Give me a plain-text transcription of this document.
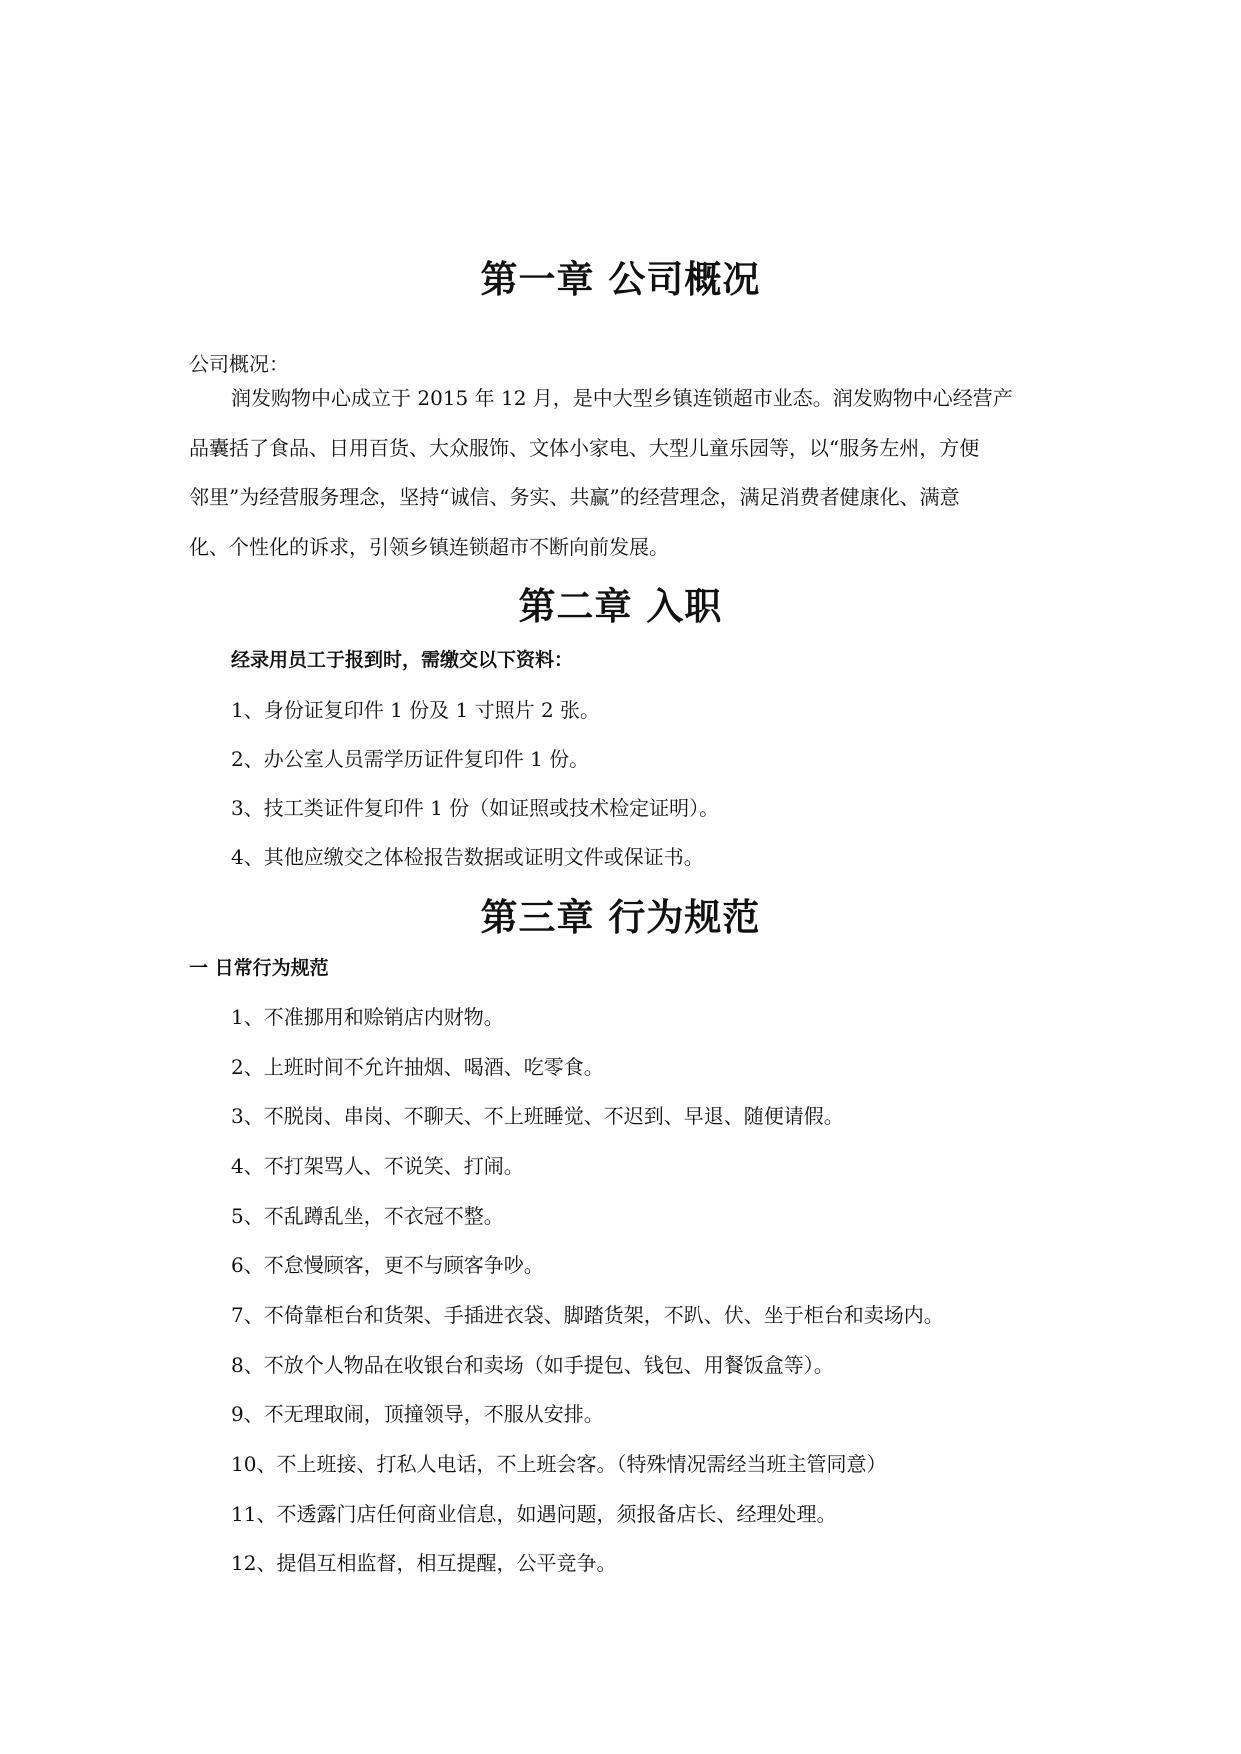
第一章 公司概况
公司概况：
润发购物中心成立于 2015 年 12 月，是中大型乡镇连锁超市业态。润发购物中心经营产
品囊括了食品、日用百货、大众服饰、文体小家电、大型儿童乐园等，以“服务左州，方便
邻里”为经营服务理念，坚持“诚信、务实、共赢”的经营理念，满足消费者健康化、满意
化、个性化的诉求，引领乡镇连锁超市不断向前发展。
第二章 入职
经录用员工于报到时，需缴交以下资料：
1、身份证复印件 1 份及 1 寸照片 2 张。
2、办公室人员需学历证件复印件 1 份。
3、技工类证件复印件 1 份（如证照或技术检定证明）。
4、其他应缴交之体检报告数据或证明文件或保证书。
第三章 行为规范
一 日常行为规范
1、不准挪用和赊销店内财物。
2、上班时间不允许抽烟、喝酒、吃零食。
3、不脱岗、串岗、不聊天、不上班睡觉、不迟到、早退、随便请假。
4、不打架骂人、不说笑、打闹。
5、不乱蹲乱坐，不衣冠不整。
6、不怠慢顾客，更不与顾客争吵。
7、不倚靠柜台和货架、手插进衣袋、脚踏货架，不趴、伏、坐于柜台和卖场内。
8、不放个人物品在收银台和卖场（如手提包、钱包、用餐饭盒等）。
9、不无理取闹，顶撞领导，不服从安排。
10、不上班接、打私人电话，不上班会客。（特殊情况需经当班主管同意）
11、不透露门店任何商业信息，如遇问题，须报备店长、经理处理。
12、提倡互相监督，相互提醒，公平竞争。
